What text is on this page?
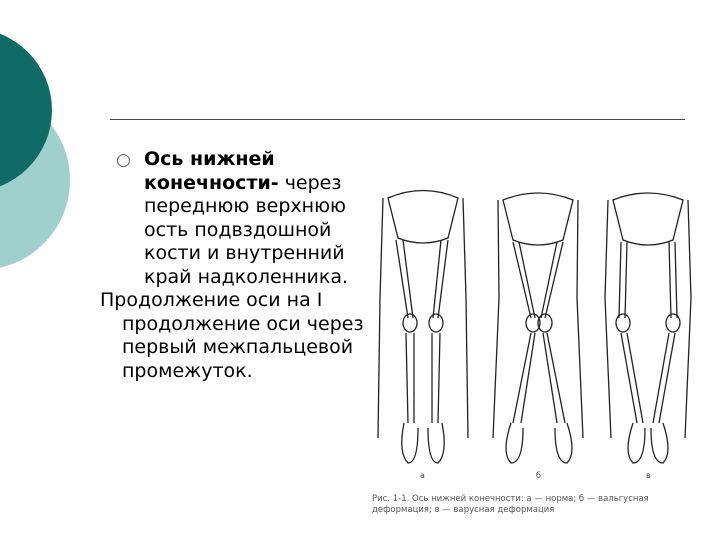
○ Ось нижней конечности- через переднюю верхнюю ость подвздошной кости и внутренний край надколенника.
Продолжение оси на I продолжение оси через первый межпальцевой промежуток.
а	б	в
Рис. 1-1. Ось нижней конечности: а — норма; б — вальгусная деформация; в — варусная деформация
